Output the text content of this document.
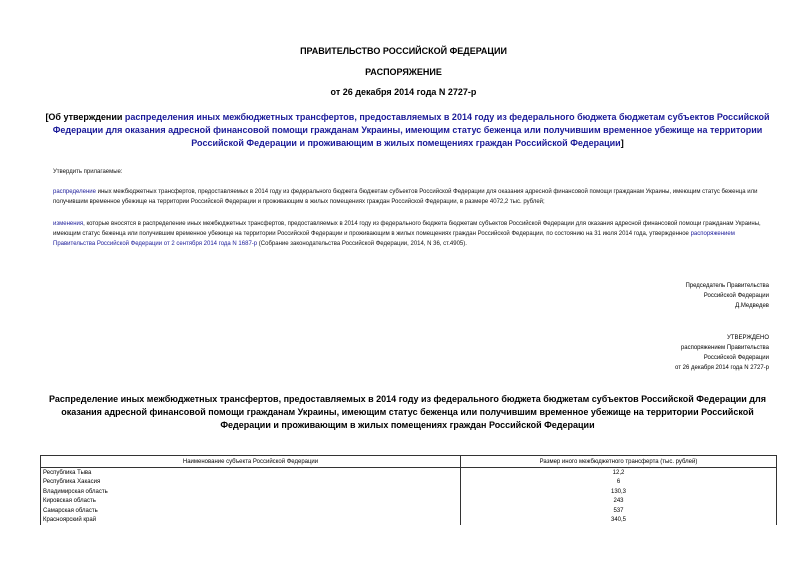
ПРАВИТЕЛЬСТВО РОССИЙСКОЙ ФЕДЕРАЦИИ
РАСПОРЯЖЕНИЕ
от 26 декабря 2014 года N 2727-р
[Об утверждении распределения иных межбюджетных трансфертов, предоставляемых в 2014 году из федерального бюджета бюджетам субъектов Российской Федерации для оказания адресной финансовой помощи гражданам Украины, имеющим статус беженца или получившим временное убежище на территории Российской Федерации и проживающим в жилых помещениях граждан Российской Федерации]
Утвердить прилагаемые:
распределение иных межбюджетных трансфертов, предоставляемых в 2014 году из федерального бюджета бюджетам субъектов Российской Федерации для оказания адресной финансовой помощи гражданам Украины, имеющим статус беженца или получившим временное убежище на территории Российской Федерации и проживающим в жилых помещениях граждан Российской Федерации, в размере 4072,2 тыс. рублей;
изменения, которые вносятся в распределение иных межбюджетных трансфертов, предоставляемых в 2014 году из федерального бюджета бюджетам субъектов Российской Федерации для оказания адресной финансовой помощи гражданам Украины, имеющим статус беженца или получившим временное убежище на территории Российской Федерации и проживающим в жилых помещениях граждан Российской Федерации, по состоянию на 31 июля 2014 года, утвержденное распоряжением Правительства Российской Федерации от 2 сентября 2014 года N 1687-р (Собрание законодательства Российской Федерации, 2014, N 36, ст.4905).
Председатель Правительства
Российской Федерации
Д.Медведев
УТВЕРЖДЕНО
распоряжением Правительства
Российской Федерации
от 26 декабря 2014 года N 2727-р
Распределение иных межбюджетных трансфертов, предоставляемых в 2014 году из федерального бюджета бюджетам субъектов Российской Федерации для оказания адресной финансовой помощи гражданам Украины, имеющим статус беженца или получившим временное убежище на территории Российской Федерации и проживающим в жилых помещениях граждан Российской Федерации
Наименование субъекта Российской Федерации	Размер иного межбюджетного трансферта (тыс. рублей)
Республика Тыва	12,2
Республика Хакасия	6
Владимирская область	130,3
Кировская область	243
Самарская область	537
Красноярский край	340,5
